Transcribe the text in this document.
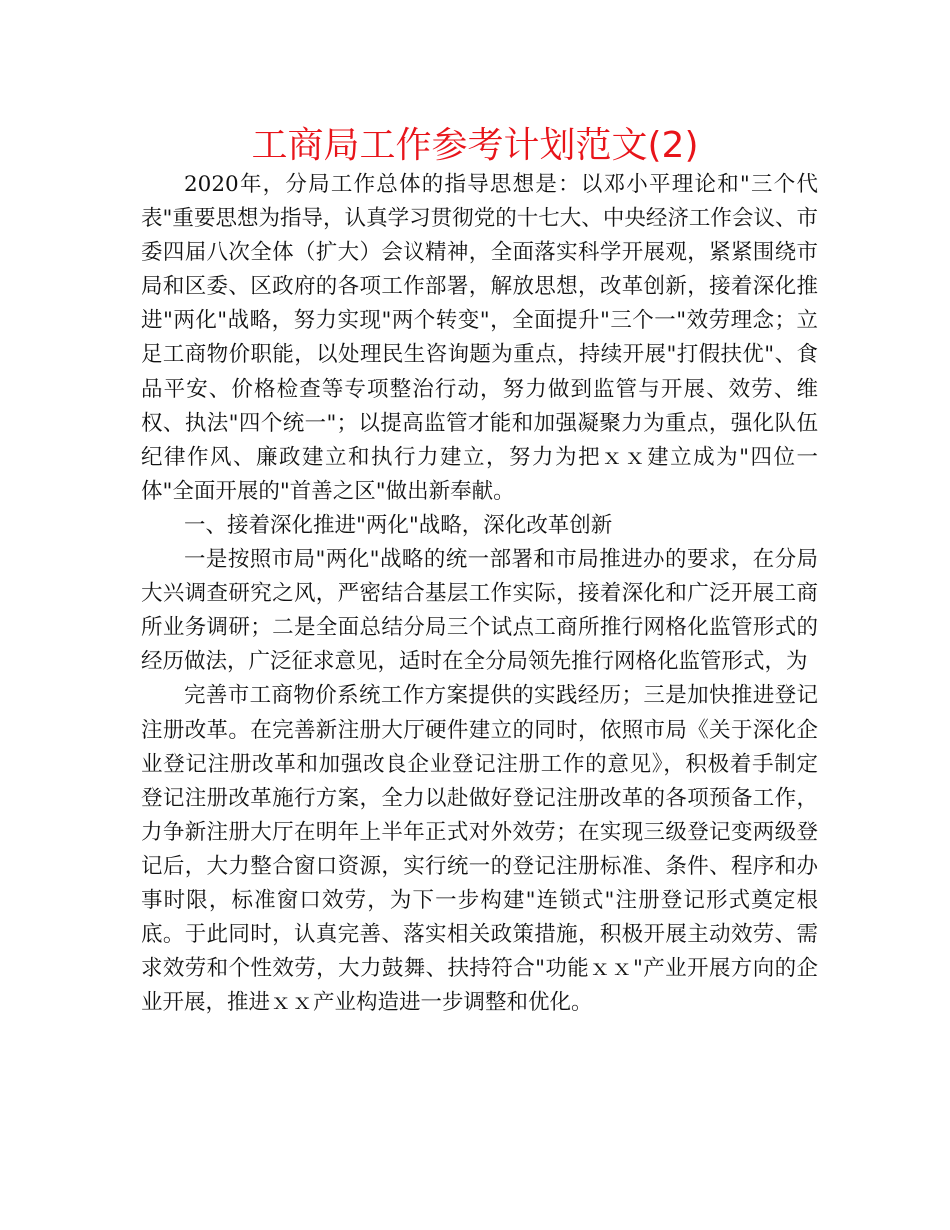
工商局工作参考计划范文(2)

2020年，分局工作总体的指导思想是：以邓小平理论和"三个代表"重要思想为指导，认真学习贯彻党的十七大、中央经济工作会议、市委四届八次全体（扩大）会议精神，全面落实科学开展观，紧紧围绕市局和区委、区政府的各项工作部署，解放思想，改革创新，接着深化推进"两化"战略，努力实现"两个转变"，全面提升"三个一"效劳理念；立足工商物价职能，以处理民生咨询题为重点，持续开展"打假扶优"、食品平安、价格检查等专项整治行动，努力做到监管与开展、效劳、维权、执法"四个统一"；以提高监管才能和加强凝聚力为重点，强化队伍纪律作风、廉政建立和执行力建立，努力为把ｘｘ建立成为"四位一体"全面开展的"首善之区"做出新奉献。

一、接着深化推进"两化"战略，深化改革创新

一是按照市局"两化"战略的统一部署和市局推进办的要求，在分局大兴调查研究之风，严密结合基层工作实际，接着深化和广泛开展工商所业务调研；二是全面总结分局三个试点工商所推行网格化监管形式的经历做法，广泛征求意见，适时在全分局领先推行网格化监管形式，为

完善市工商物价系统工作方案提供的实践经历；三是加快推进登记注册改革。在完善新注册大厅硬件建立的同时，依照市局《关于深化企业登记注册改革和加强改良企业登记注册工作的意见》，积极着手制定登记注册改革施行方案，全力以赴做好登记注册改革的各项预备工作，力争新注册大厅在明年上半年正式对外效劳；在实现三级登记变两级登记后，大力整合窗口资源，实行统一的登记注册标准、条件、程序和办事时限，标准窗口效劳，为下一步构建"连锁式"注册登记形式奠定根底。于此同时，认真完善、落实相关政策措施，积极开展主动效劳、需求效劳和个性效劳，大力鼓舞、扶持符合"功能ｘｘ"产业开展方向的企业开展，推进ｘｘ产业构造进一步调整和优化。
